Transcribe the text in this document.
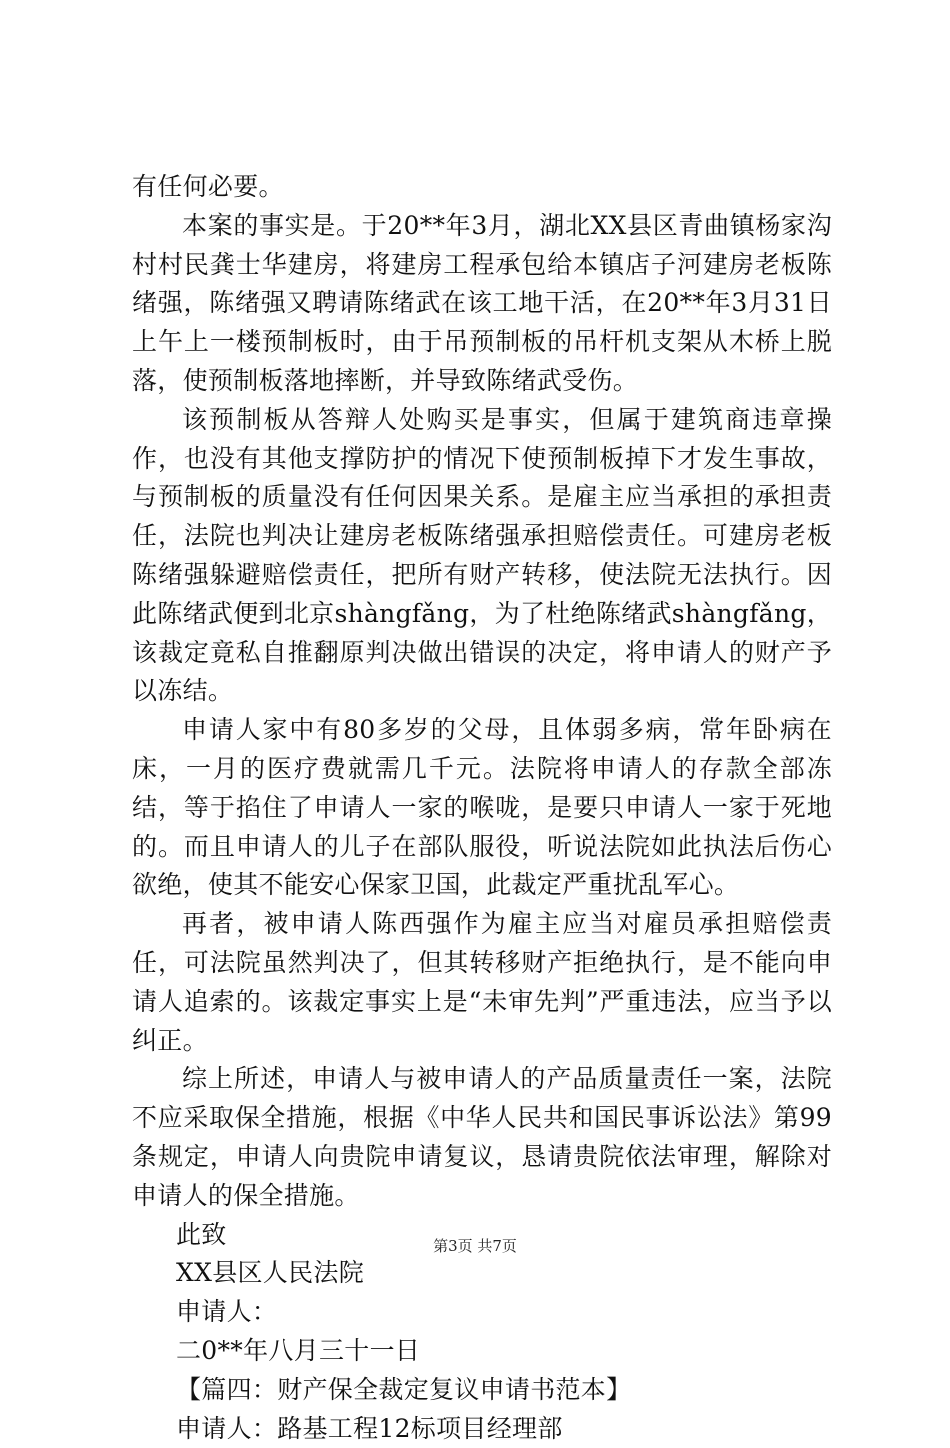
有任何必要。

本案的事实是。于20**年3月，湖北XX县区青曲镇杨家沟村村民龚士华建房，将建房工程承包给本镇店子河建房老板陈绪强，陈绪强又聘请陈绪武在该工地干活，在20**年3月31日上午上一楼预制板时，由于吊预制板的吊杆机支架从木桥上脱落，使预制板落地摔断，并导致陈绪武受伤。

该预制板从答辩人处购买是事实，但属于建筑商违章操作，也没有其他支撑防护的情况下使预制板掉下才发生事故，与预制板的质量没有任何因果关系。是雇主应当承担的承担责任，法院也判决让建房老板陈绪强承担赔偿责任。可建房老板陈绪强躲避赔偿责任，把所有财产转移，使法院无法执行。因此陈绪武便到北京shàngfǎng，为了杜绝陈绪武shàngfǎng，该裁定竟私自推翻原判决做出错误的决定，将申请人的财产予以冻结。

申请人家中有80多岁的父母，且体弱多病，常年卧病在床，一月的医疗费就需几千元。法院将申请人的存款全部冻结，等于掐住了申请人一家的喉咙，是要只申请人一家于死地的。而且申请人的儿子在部队服役，听说法院如此执法后伤心欲绝，使其不能安心保家卫国，此裁定严重扰乱军心。

再者，被申请人陈西强作为雇主应当对雇员承担赔偿责任，可法院虽然判决了，但其转移财产拒绝执行，是不能向申请人追索的。该裁定事实上是“未审先判”严重违法，应当予以纠正。

综上所述，申请人与被申请人的产品质量责任一案，法院不应采取保全措施，根据《中华人民共和国民事诉讼法》第99条规定，申请人向贵院申请复议，恳请贵院依法审理，解除对申请人的保全措施。

此致

XX县区人民法院

申请人：

二0**年八月三十一日

【篇四：财产保全裁定复议申请书范本】

申请人：路基工程12标项目经理部

第3页 共7页
